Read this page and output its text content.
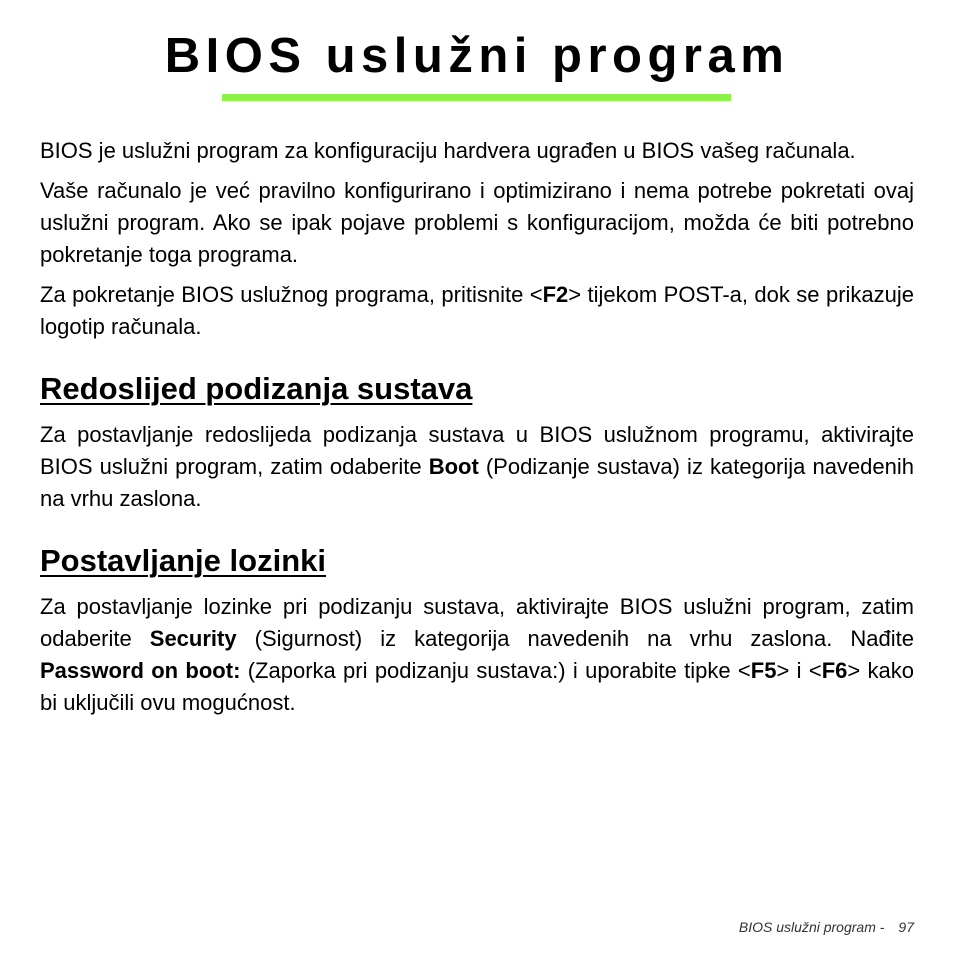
BIOS uslužni program

BIOS je uslužni program za konfiguraciju hardvera ugrađen u BIOS vašeg računala.

Vaše računalo je već pravilno konfigurirano i optimizirano i nema potrebe pokretati ovaj uslužni program. Ako se ipak pojave problemi s konfiguracijom, možda će biti potrebno pokretanje toga programa.

Za pokretanje BIOS uslužnog programa, pritisnite <F2> tijekom POST-a, dok se prikazuje logotip računala.

Redoslijed podizanja sustava

Za postavljanje redoslijeda podizanja sustava u BIOS uslužnom programu, aktivirajte BIOS uslužni program, zatim odaberite Boot (Podizanje sustava) iz kategorija navedenih na vrhu zaslona.

Postavljanje lozinki

Za postavljanje lozinke pri podizanju sustava, aktivirajte BIOS uslužni program, zatim odaberite Security (Sigurnost) iz kategorija navedenih na vrhu zaslona. Nađite Password on boot: (Zaporka pri podizanju sustava:) i uporabite tipke <F5> i <F6> kako bi uključili ovu mogućnost.

BIOS uslužni program - 97
